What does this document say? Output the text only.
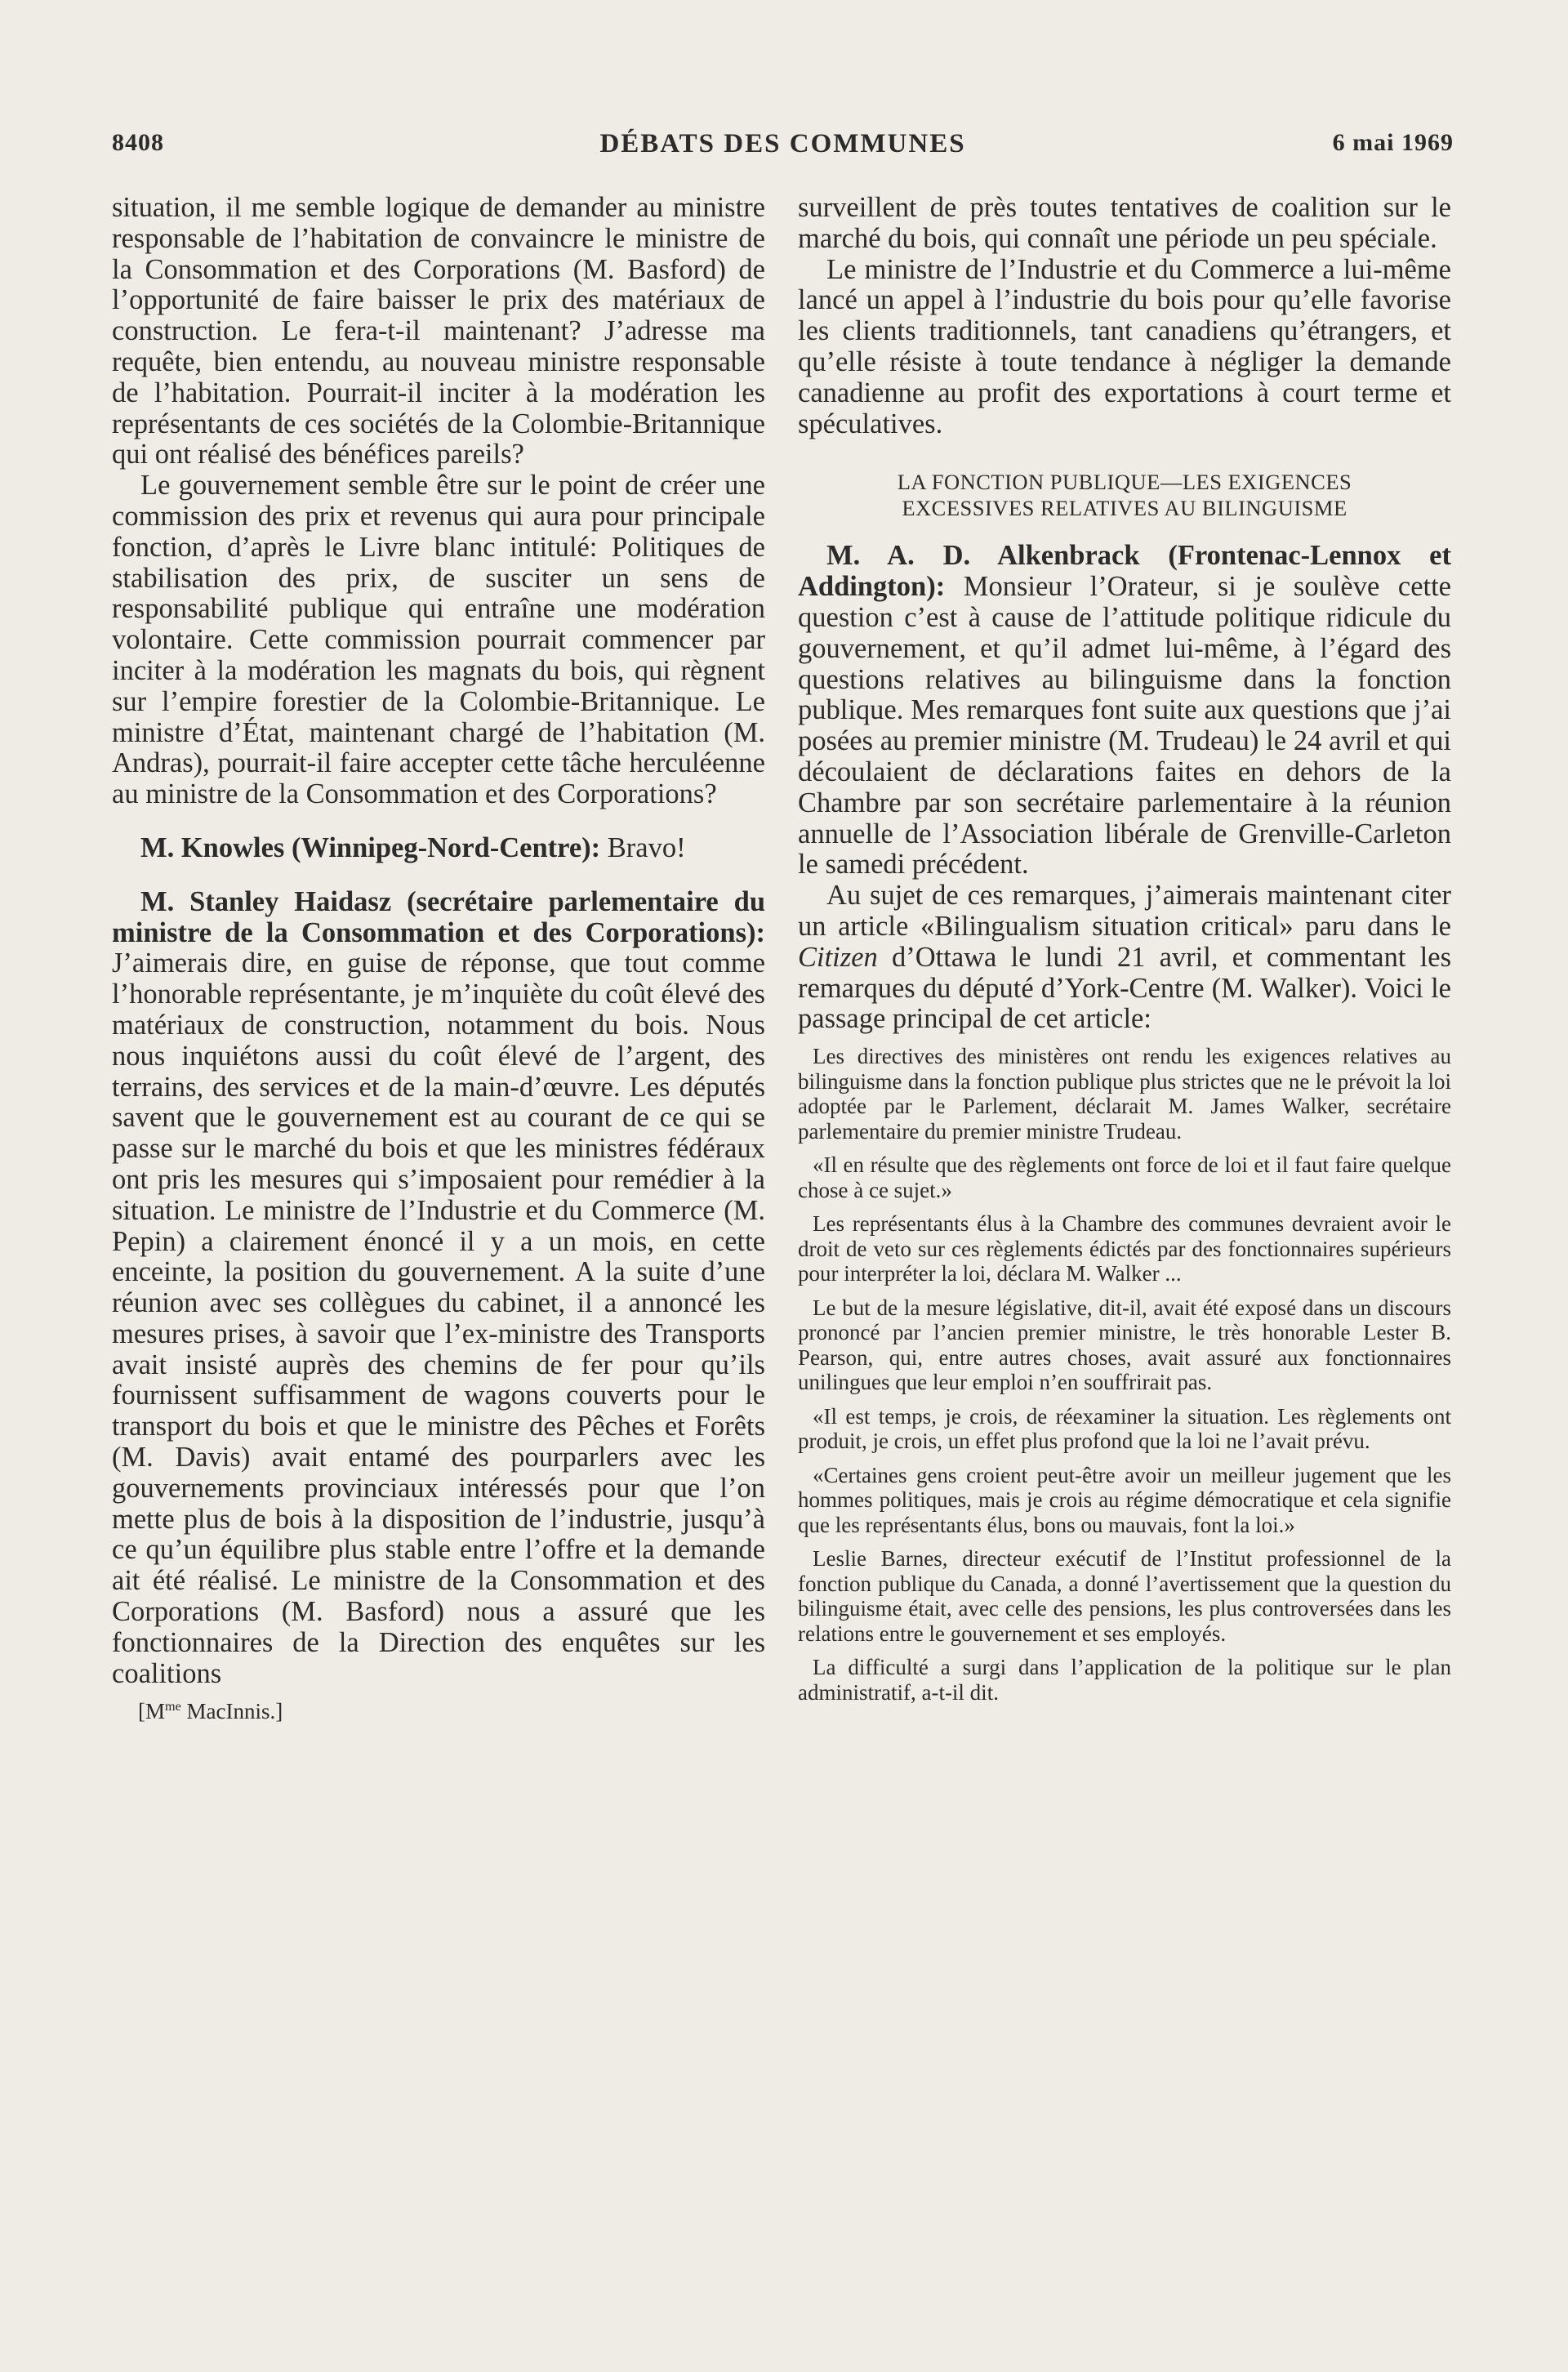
8408	DÉBATS DES COMMUNES	6 mai 1969

situation, il me semble logique de demander au ministre responsable de l’habitation de convaincre le ministre de la Consommation et des Corporations (M. Basford) de l’opportunité de faire baisser le prix des matériaux de construction. Le fera-t-il maintenant? J’adresse ma requête, bien entendu, au nouveau ministre responsable de l’habitation. Pourrait-il inciter à la modération les représentants de ces sociétés de la Colombie-Britannique qui ont réalisé des bénéfices pareils?

Le gouvernement semble être sur le point de créer une commission des prix et revenus qui aura pour principale fonction, d’après le Livre blanc intitulé: Politiques de stabilisation des prix, de susciter un sens de responsabilité publique qui entraîne une modération volontaire. Cette commission pourrait commencer par inciter à la modération les magnats du bois, qui règnent sur l’empire forestier de la Colombie-Britannique. Le ministre d’État, maintenant chargé de l’habitation (M. Andras), pourrait-il faire accepter cette tâche herculéenne au ministre de la Consommation et des Corporations?

M. Knowles (Winnipeg-Nord-Centre): Bravo!

M. Stanley Haidasz (secrétaire parlementaire du ministre de la Consommation et des Corporations): J’aimerais dire, en guise de réponse, que tout comme l’honorable représentante, je m’inquiète du coût élevé des matériaux de construction, notamment du bois. Nous nous inquiétons aussi du coût élevé de l’argent, des terrains, des services et de la main-d’œuvre. Les députés savent que le gouvernement est au courant de ce qui se passe sur le marché du bois et que les ministres fédéraux ont pris les mesures qui s’imposaient pour remédier à la situation. Le ministre de l’Industrie et du Commerce (M. Pepin) a clairement énoncé il y a un mois, en cette enceinte, la position du gouvernement. A la suite d’une réunion avec ses collègues du cabinet, il a annoncé les mesures prises, à savoir que l’ex-ministre des Transports avait insisté auprès des chemins de fer pour qu’ils fournissent suffisamment de wagons couverts pour le transport du bois et que le ministre des Pêches et Forêts (M. Davis) avait entamé des pourparlers avec les gouvernements provinciaux intéressés pour que l’on mette plus de bois à la disposition de l’industrie, jusqu’à ce qu’un équilibre plus stable entre l’offre et la demande ait été réalisé. Le ministre de la Consommation et des Corporations (M. Basford) nous a assuré que les fonctionnaires de la Direction des enquêtes sur les coalitions

[$M^{me}$ MacInnis.]

surveillent de près toutes tentatives de coalition sur le marché du bois, qui connaît une période un peu spéciale.

Le ministre de l’Industrie et du Commerce a lui-même lancé un appel à l’industrie du bois pour qu’elle favorise les clients traditionnels, tant canadiens qu’étrangers, et qu’elle résiste à toute tendance à négliger la demande canadienne au profit des exportations à court terme et spéculatives.

LA FONCTION PUBLIQUE—LES EXIGENCES
EXCESSIVES RELATIVES AU BILINGUISME

M. A. D. Alkenbrack (Frontenac-Lennox et Addington): Monsieur l’Orateur, si je soulève cette question c’est à cause de l’attitude politique ridicule du gouvernement, et qu’il admet lui-même, à l’égard des questions relatives au bilinguisme dans la fonction publique. Mes remarques font suite aux questions que j’ai posées au premier ministre (M. Trudeau) le 24 avril et qui découlaient de déclarations faites en dehors de la Chambre par son secrétaire parlementaire à la réunion annuelle de l’Association libérale de Grenville-Carleton le samedi précédent.

Au sujet de ces remarques, j’aimerais maintenant citer un article «Bilingualism situation critical» paru dans le Citizen d’Ottawa le lundi 21 avril, et commentant les remarques du député d’York-Centre (M. Walker). Voici le passage principal de cet article:

Les directives des ministères ont rendu les exigences relatives au bilinguisme dans la fonction publique plus strictes que ne le prévoit la loi adoptée par le Parlement, déclarait M. James Walker, secrétaire parlementaire du premier ministre Trudeau.

«Il en résulte que des règlements ont force de loi et il faut faire quelque chose à ce sujet.»

Les représentants élus à la Chambre des communes devraient avoir le droit de veto sur ces règlements édictés par des fonctionnaires supérieurs pour interpréter la loi, déclara M. Walker ...

Le but de la mesure législative, dit-il, avait été exposé dans un discours prononcé par l’ancien premier ministre, le très honorable Lester B. Pearson, qui, entre autres choses, avait assuré aux fonctionnaires unilingues que leur emploi n’en souffrirait pas.

«Il est temps, je crois, de réexaminer la situation. Les règlements ont produit, je crois, un effet plus profond que la loi ne l’avait prévu.

«Certaines gens croient peut-être avoir un meilleur jugement que les hommes politiques, mais je crois au régime démocratique et cela signifie que les représentants élus, bons ou mauvais, font la loi.»

Leslie Barnes, directeur exécutif de l’Institut professionnel de la fonction publique du Canada, a donné l’avertissement que la question du bilinguisme était, avec celle des pensions, les plus controversées dans les relations entre le gouvernement et ses employés.

La difficulté a surgi dans l’application de la politique sur le plan administratif, a-t-il dit.
